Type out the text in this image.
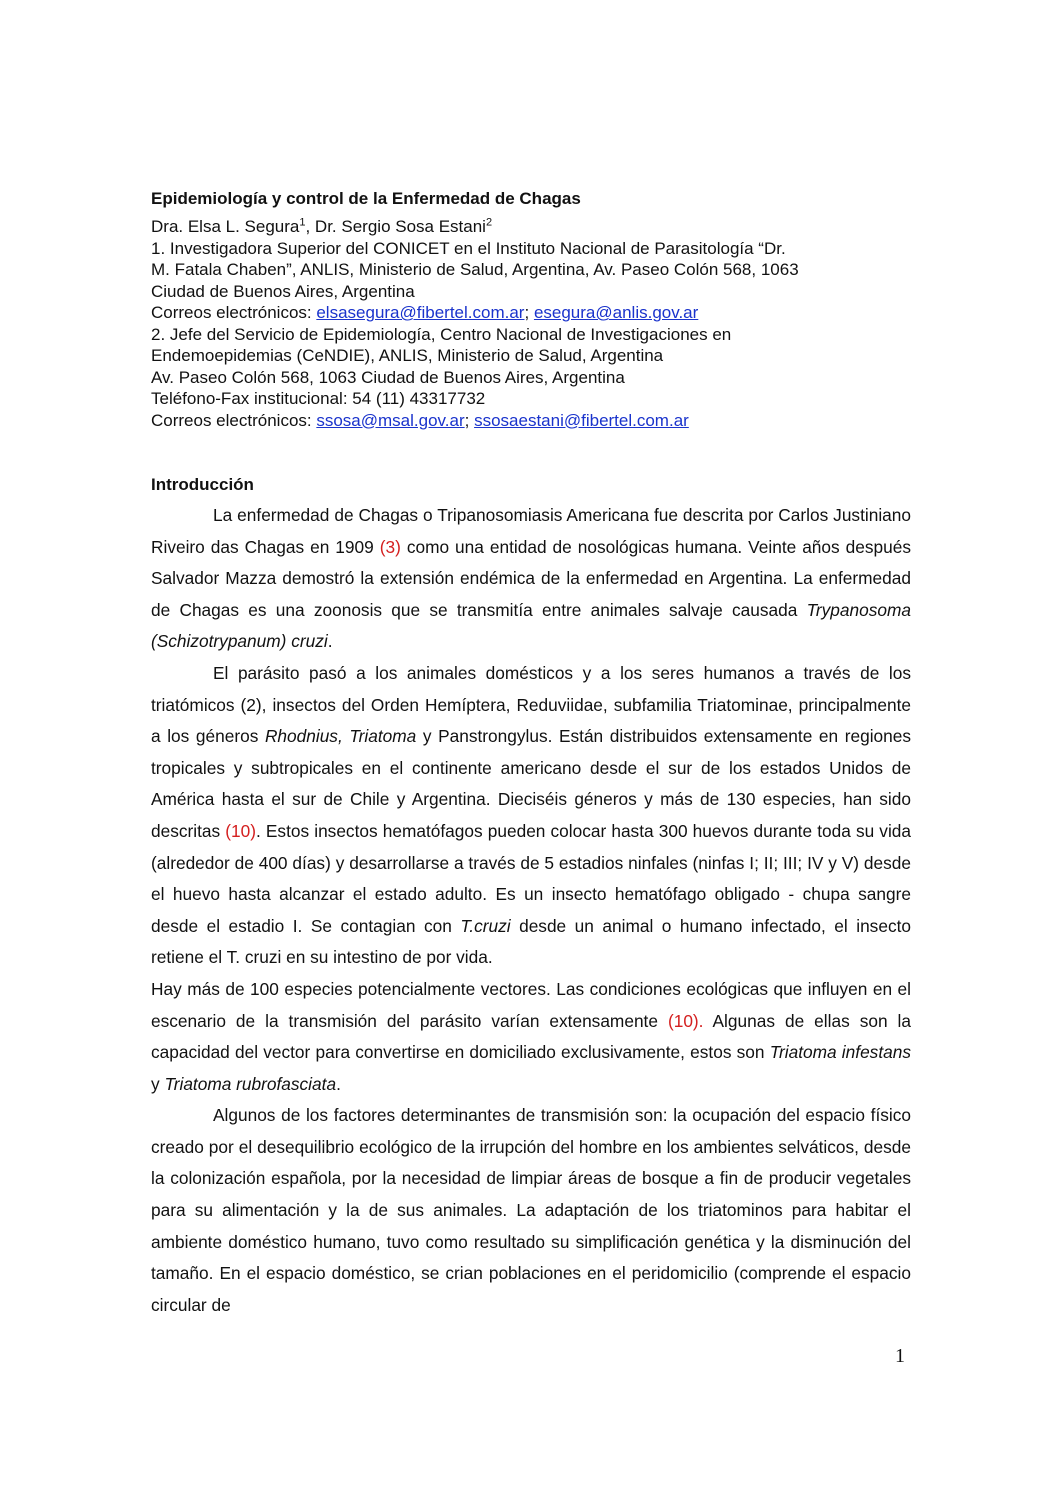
Epidemiología y control de la Enfermedad de Chagas
Dra. Elsa L. Segura$^1$, Dr. Sergio Sosa Estani$^2$
1. Investigadora Superior del CONICET en el Instituto Nacional de Parasitología “Dr.
M. Fatala Chaben”, ANLIS, Ministerio de Salud, Argentina, Av. Paseo Colón 568, 1063
Ciudad de Buenos Aires, Argentina
Correos electrónicos: elsasegura@fibertel.com.ar; esegura@anlis.gov.ar
2. Jefe del Servicio de Epidemiología, Centro Nacional de Investigaciones en
Endemoepidemias (CeNDIE), ANLIS, Ministerio de Salud, Argentina
Av. Paseo Colón 568, 1063 Ciudad de Buenos Aires, Argentina
Teléfono-Fax institucional: 54 (11) 43317732
Correos electrónicos: ssosa@msal.gov.ar; ssosaestani@fibertel.com.ar
Introducción

La enfermedad de Chagas o Tripanosomiasis Americana fue descrita por Carlos Justiniano Riveiro das Chagas en 1909 (3) como una entidad de nosológicas humana. Veinte años después Salvador Mazza demostró la extensión endémica de la enfermedad en Argentina. La enfermedad de Chagas es una zoonosis que se transmitía entre animales salvaje causada Trypanosoma (Schizotrypanum) cruzi.

El parásito pasó a los animales domésticos y a los seres humanos a través de los triatómicos (2), insectos del Orden Hemíptera, Reduviidae, subfamilia Triatominae, principalmente a los géneros Rhodnius, Triatoma y Panstrongylus. Están distribuidos extensamente en regiones tropicales y subtropicales en el continente americano desde el sur de los estados Unidos de América hasta el sur de Chile y Argentina. Dieciséis géneros y más de 130 especies, han sido descritas (10). Estos insectos hematófagos pueden colocar hasta 300 huevos durante toda su vida (alrededor de 400 días) y desarrollarse a través de 5 estadios ninfales (ninfas I; II; III; IV y V) desde el huevo hasta alcanzar el estado adulto. Es un insecto hematófago obligado - chupa sangre desde el estadio I. Se contagian con T.cruzi desde un animal o humano infectado, el insecto retiene el T. cruzi en su intestino de por vida.

Hay más de 100 especies potencialmente vectores. Las condiciones ecológicas que influyen en el escenario de la transmisión del parásito varían extensamente (10). Algunas de ellas son la capacidad del vector para convertirse en domiciliado exclusivamente, estos son Triatoma infestans y Triatoma rubrofasciata.

Algunos de los factores determinantes de transmisión son: la ocupación del espacio físico creado por el desequilibrio ecológico de la irrupción del hombre en los ambientes selváticos, desde la colonización española, por la necesidad de limpiar áreas de bosque a fin de producir vegetales para su alimentación y la de sus animales. La adaptación de los triatominos para habitar el ambiente doméstico humano, tuvo como resultado su simplificación genética y la disminución del tamaño. En el espacio doméstico, se crian poblaciones en el peridomicilio (comprende el espacio circular de

1
